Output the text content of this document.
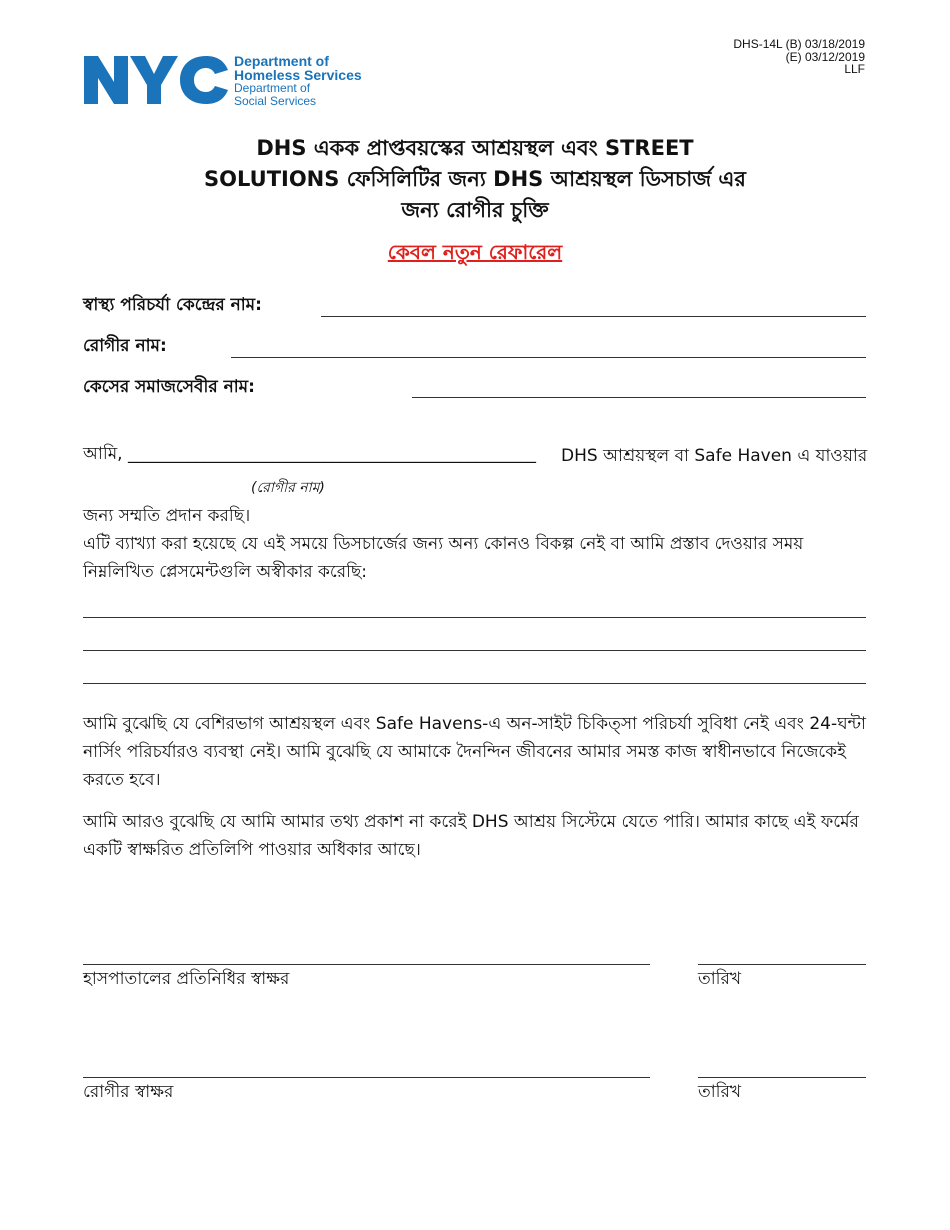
Department of
Homeless Services
Department of
Social Services
DHS-14L (B) 03/18/2019
(E) 03/12/2019
LLF
DHS একক প্রাপ্তবয়স্কের আশ্রয়স্থল এবং STREET
SOLUTIONS ফেসিলিটির জন্য DHS আশ্রয়স্থল ডিসচার্জ এর
জন্য রোগীর চুক্তি
কেবল নতুন রেফারেল
স্বাস্থ্য পরিচর্যা কেন্দ্রের নাম:
রোগীর নাম:
কেসের সমাজসেবীর নাম:
আমি, ________________________________________________ DHS আশ্রয়স্থল বা Safe Haven এ যাওয়ার
(রোগীর নাম)
জন্য সম্মতি প্রদান করছি।
এটি ব্যাখ্যা করা হয়েছে যে এই সময়ে ডিসচার্জের জন্য অন্য কোনও বিকল্প নেই বা আমি প্রস্তাব দেওয়ার সময়
নিম্নলিখিত প্লেসমেন্টগুলি অস্বীকার করেছি:
আমি বুঝেছি যে বেশিরভাগ আশ্রয়স্থল এবং Safe Havens-এ অন-সাইট চিকিত্সা পরিচর্যা সুবিধা নেই এবং 24-ঘন্টা
নার্সিং পরিচর্যারও ব্যবস্থা নেই। আমি বুঝেছি যে আমাকে দৈনন্দিন জীবনের আমার সমস্ত কাজ স্বাধীনভাবে নিজেকেই
করতে হবে।
আমি আরও বুঝেছি যে আমি আমার তথ্য প্রকাশ না করেই DHS আশ্রয় সিস্টেমে যেতে পারি। আমার কাছে এই ফর্মের
একটি স্বাক্ষরিত প্রতিলিপি পাওয়ার অধিকার আছে।
হাসপাতালের প্রতিনিধির স্বাক্ষর	তারিখ
রোগীর স্বাক্ষর	তারিখ
